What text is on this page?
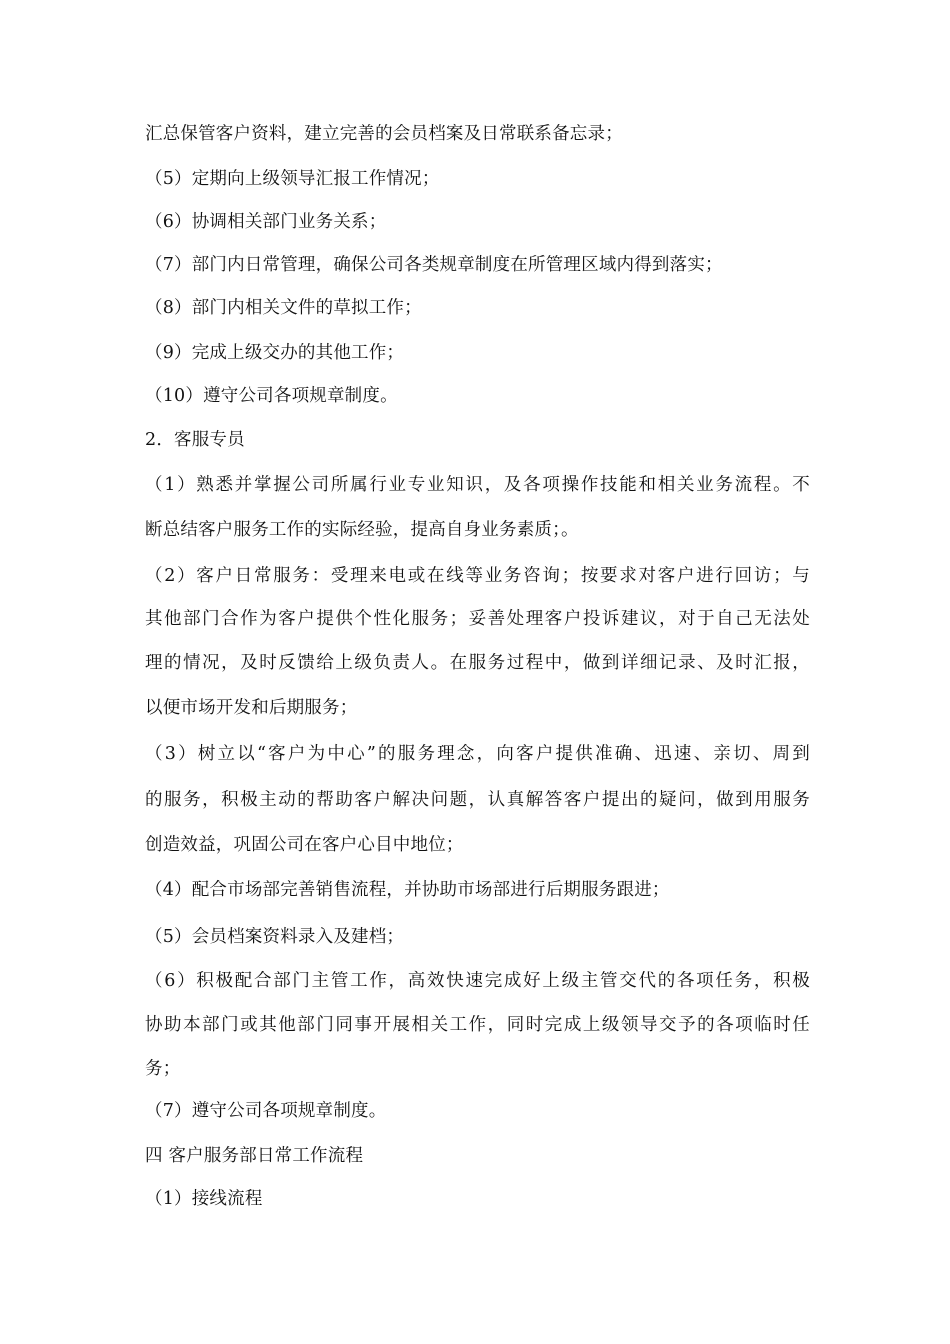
汇总保管客户资料，建立完善的会员档案及日常联系备忘录；
（5）定期向上级领导汇报工作情况；
（6）协调相关部门业务关系；
（7）部门内日常管理，确保公司各类规章制度在所管理区域内得到落实；
（8）部门内相关文件的草拟工作；
（9）完成上级交办的其他工作；
（10）遵守公司各项规章制度。
2．客服专员
（1）熟悉并掌握公司所属行业专业知识，及各项操作技能和相关业务流程。不
断总结客户服务工作的实际经验，提高自身业务素质；。
（2）客户日常服务：受理来电或在线等业务咨询；按要求对客户进行回访；与
其他部门合作为客户提供个性化服务；妥善处理客户投诉建议，对于自己无法处
理的情况，及时反馈给上级负责人。在服务过程中，做到详细记录、及时汇报，
以便市场开发和后期服务；
（3）树立以“客户为中心”的服务理念，向客户提供准确、迅速、亲切、周到
的服务，积极主动的帮助客户解决问题，认真解答客户提出的疑问，做到用服务
创造效益，巩固公司在客户心目中地位；
（4）配合市场部完善销售流程，并协助市场部进行后期服务跟进；
（5）会员档案资料录入及建档；
（6）积极配合部门主管工作，高效快速完成好上级主管交代的各项任务，积极
协助本部门或其他部门同事开展相关工作，同时完成上级领导交予的各项临时任
务；
（7）遵守公司各项规章制度。
四 客户服务部日常工作流程
（1）接线流程
